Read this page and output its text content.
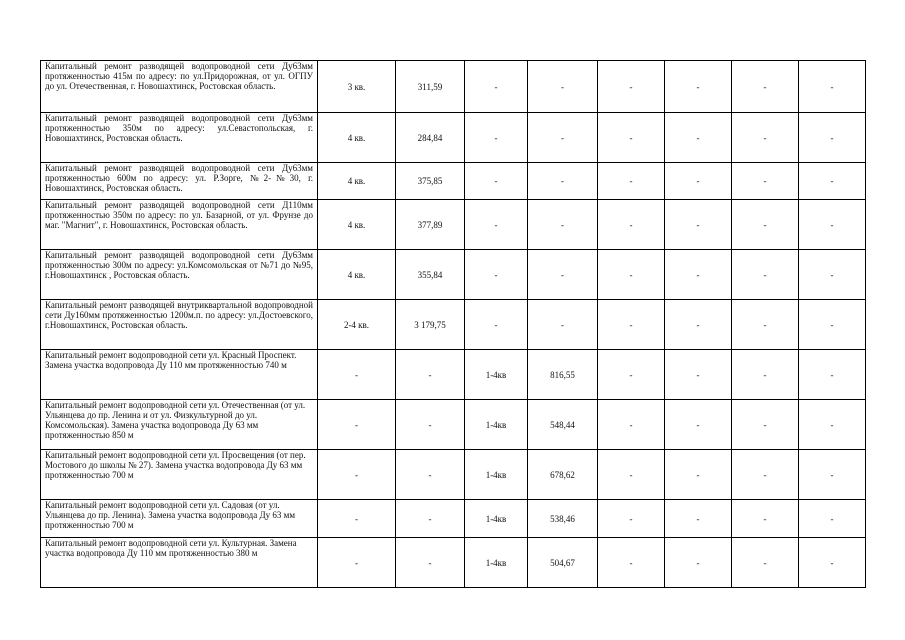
Капитальный ремонт разводящей водопроводной сети Ду63мм протяженностью 415м по адресу: по ул.Придорожная, от ул. ОГПУ до ул. Отечественная, г. Новошахтинск, Ростовская область.	3 кв.	311,59	-	-	-	-	-	-
Капитальный ремонт разводящей водопроводной сети Ду63мм протяженностью 350м по адресу: ул.Севастопольская, г. Новошахтинск, Ростовская область.	4 кв.	284,84	-	-	-	-	-	-
Капитальный ремонт разводящей водопроводной сети Ду63мм протяженностью 600м по адресу: ул. Р.Зорге, №2-№30, г. Новошахтинск, Ростовская область.	4 кв.	375,85	-	-	-	-	-	-
Капитальный ремонт разводящей водопроводной сети Д110мм протяженностью 350м по адресу: по ул. Базарной, от ул. Фрунзе до маг. "Магнит", г. Новошахтинск, Ростовская область.	4 кв.	377,89	-	-	-	-	-	-
Капитальный ремонт разводящей водопроводной сети Ду63мм протяженностью 300м по адресу: ул.Комсомольская от №71 до №95, г.Новошахтинск , Ростовская область.	4 кв.	355,84	-	-	-	-	-	-
Капитальный ремонт разводящей внутриквартальной водопроводной сети Ду160мм протяженностью 1200м.п. по адресу: ул.Достоевского, г.Новошахтинск, Ростовская область.	2-4 кв.	3 179,75	-	-	-	-	-	-
Капитальный ремонт водопроводной сети ул. Красный Проспект. Замена участка водопровода Ду 110 мм протяженностью 740 м	-	-	1-4кв	816,55	-	-	-	-
Капитальный ремонт водопроводной сети ул. Отечественная (от ул. Ульянцева до пр. Ленина и от ул. Физкультурной до ул. Комсомольская). Замена участка водопровода Ду 63 мм протяженностью 850 м	-	-	1-4кв	548,44	-	-	-	-
Капитальный ремонт водопроводной сети ул. Просвещения (от пер. Мостового до школы № 27). Замена участка водопровода Ду 63 мм протяженностью 700 м	-	-	1-4кв	678,62	-	-	-	-
Капитальный ремонт водопроводной сети ул. Садовая (от ул. Ульянцева до пр. Ленина). Замена участка водопровода Ду 63 мм протяженностью 700 м	-	-	1-4кв	538,46	-	-	-	-
Капитальный ремонт водопроводной сети ул. Культурная. Замена участка водопровода Ду 110 мм протяженностью 380 м	-	-	1-4кв	504,67	-	-	-	-
